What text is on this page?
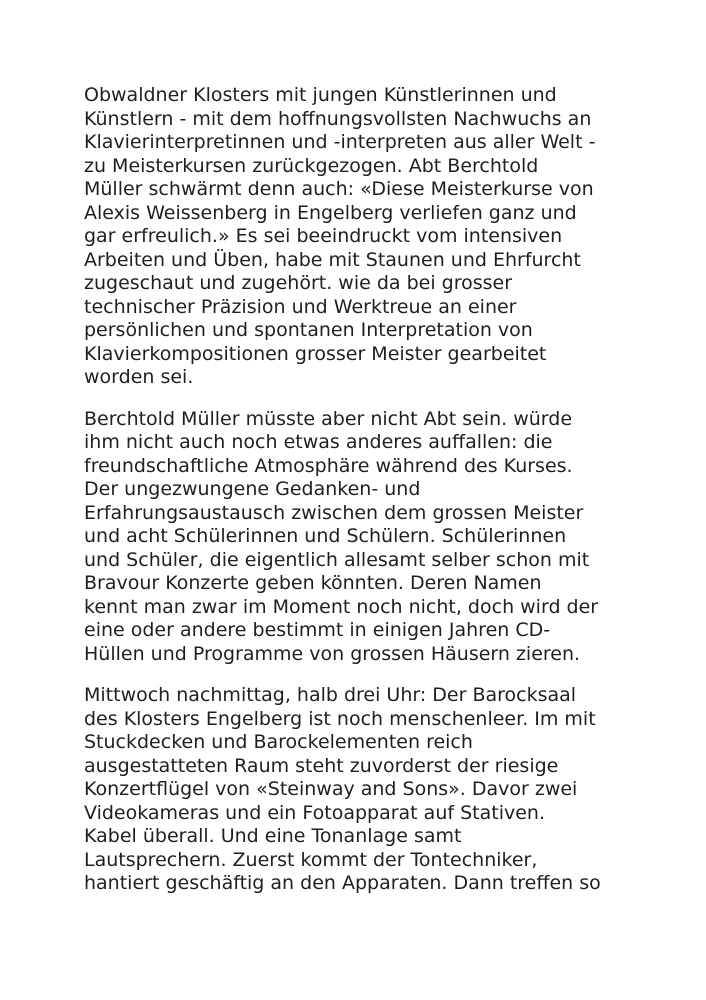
Obwaldner Klosters mit jungen Künstlerinnen und
Künstlern - mit dem hoffnungsvollsten Nachwuchs an
Klavierinterpretinnen und -interpreten aus aller Welt -
zu Meisterkursen zurückgezogen. Abt Berchtold
Müller schwärmt denn auch: «Diese Meisterkurse von
Alexis Weissenberg in Engelberg verliefen ganz und
gar erfreulich.» Es sei beeindruckt vom intensiven
Arbeiten und Üben, habe mit Staunen und Ehrfurcht
zugeschaut und zugehört. wie da bei grosser
technischer Präzision und Werktreue an einer
persönlichen und spontanen Interpretation von
Klavierkompositionen grosser Meister gearbeitet
worden sei.

Berchtold Müller müsste aber nicht Abt sein. würde
ihm nicht auch noch etwas anderes auffallen: die
freundschaftliche Atmosphäre während des Kurses.
Der ungezwungene Gedanken- und
Erfahrungsaustausch zwischen dem grossen Meister
und acht Schülerinnen und Schülern. Schülerinnen
und Schüler, die eigentlich allesamt selber schon mit
Bravour Konzerte geben könnten. Deren Namen
kennt man zwar im Moment noch nicht, doch wird der
eine oder andere bestimmt in einigen Jahren CD-
Hüllen und Programme von grossen Häusern zieren.

Mittwoch nachmittag, halb drei Uhr: Der Barocksaal
des Klosters Engelberg ist noch menschenleer. Im mit
Stuckdecken und Barockelementen reich
ausgestatteten Raum steht zuvorderst der riesige
Konzertflügel von «Steinway and Sons». Davor zwei
Videokameras und ein Fotoapparat auf Stativen.
Kabel überall. Und eine Tonanlage samt
Lautsprechern. Zuerst kommt der Tontechniker,
hantiert geschäftig an den Apparaten. Dann treffen so
